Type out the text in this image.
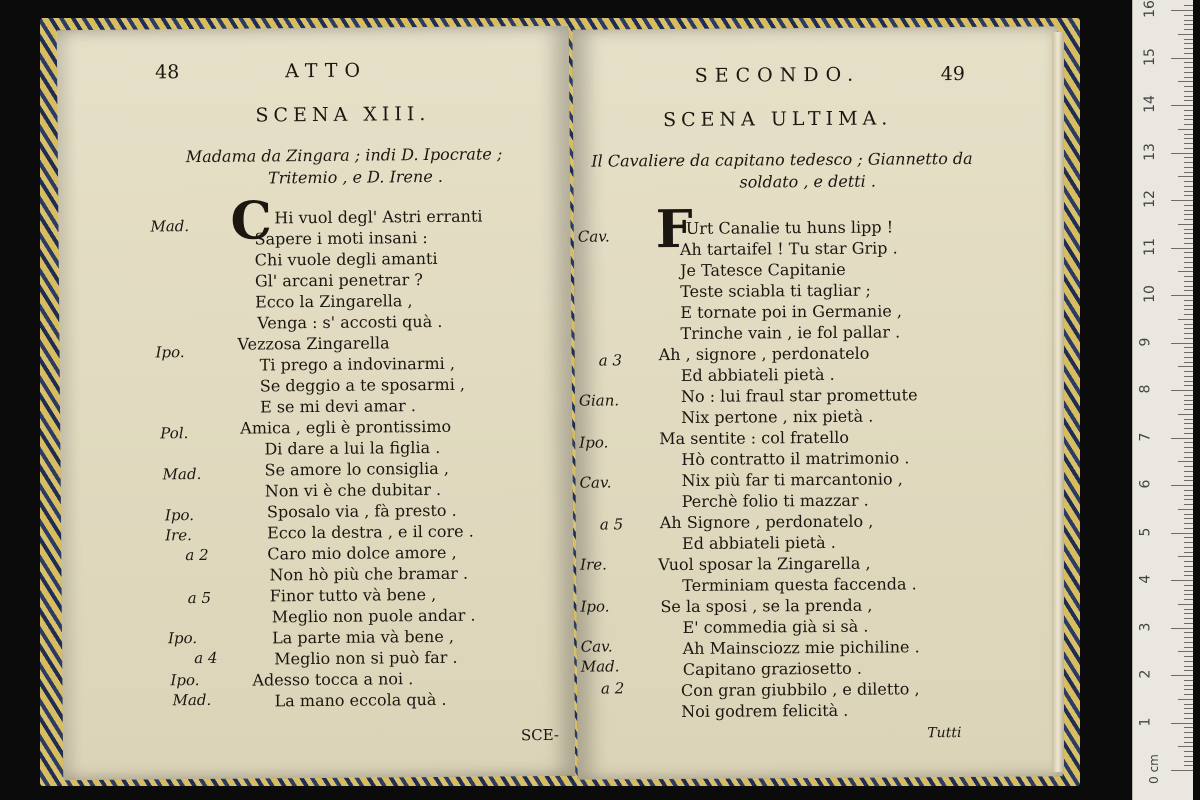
48	ATTO
SCENA XIII.
Madama da Zingara ; indi D. Ipocrate ;
Tritemio , e D. Irene .
C
Mad.
Ipo.
Pol.
Mad.
Ipo.
Ire.
a 2
a 5
Ipo.
a 4
Ipo.
Mad.
Hi vuol degl' Astri erranti
Sapere i moti insani :
Chi vuole degli amanti
Gl' arcani penetrar ?
Ecco la Zingarella ,
Venga : s' accosti quà .
Vezzosa Zingarella
Ti prego a indovinarmi ,
Se deggio a te sposarmi ,
E se mi devi amar .
Amica , egli è prontissimo
Di dare a lui la figlia .
Se amore lo consiglia ,
Non vi è che dubitar .
Sposalo via , fà presto .
Ecco la destra , e il core .
Caro mio dolce amore ,
Non hò più che bramar .
Finor tutto và bene ,
Meglio non puole andar .
La parte mia và bene ,
Meglio non si può far .
Adesso tocca a noi .
La mano eccola quà .
SCE-
SECONDO.	49
SCENA ULTIMA.
Il Cavaliere da capitano tedesco ; Giannetto da
soldato , e detti .
F
Cav.
a 3
Gian.
Ipo.
Cav.
a 5
Ire.
Ipo.
Cav.
Mad.
a 2
Urt Canalie tu huns lipp !
Ah tartaifel ! Tu star Grip .
Je Tatesce Capitanie
Teste sciabla ti tagliar ;
E tornate poi in Germanie ,
Trinche vain , ie fol pallar .
Ah , signore , perdonatelo
Ed abbiateli pietà .
No : lui fraul star promettute
Nix pertone , nix pietà .
Ma sentite : col fratello
Hò contratto il matrimonio .
Nix più far ti marcantonio ,
Perchè folio ti mazzar .
Ah Signore , perdonatelo ,
Ed abbiateli pietà .
Vuol sposar la Zingarella ,
Terminiam questa faccenda .
Se la sposi , se la prenda ,
E' commedia già si sà .
Ah Mainsciozz mie pichiline .
Capitano graziosetto .
Con gran giubbilo , e diletto ,
Noi godrem felicità .
Tutti
0 cm
1
2
3
4
5
6
7
8
9
10
11
12
13
14
15
16
